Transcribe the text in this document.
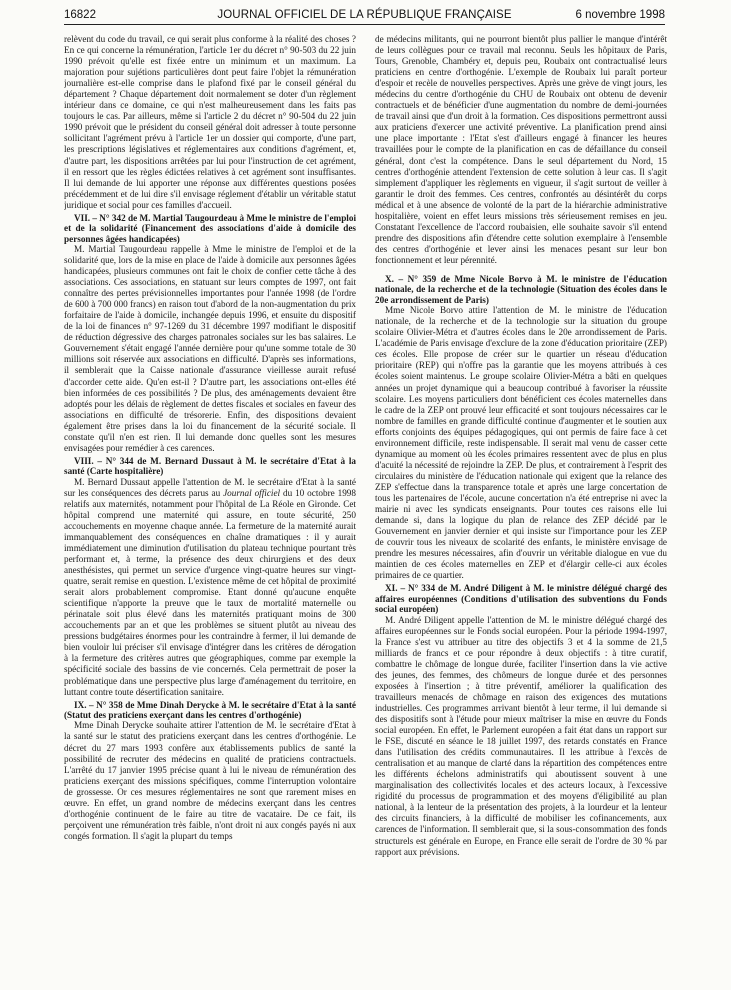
16822	JOURNAL OFFICIEL DE LA RÉPUBLIQUE FRANÇAISE	6 novembre 1998

relèvent du code du travail, ce qui serait plus conforme à la réalité des choses ? En ce qui concerne la rémunération, l'article 1er du décret n° 90-503 du 22 juin 1990 prévoit qu'elle est fixée entre un minimum et un maximum. La majoration pour sujétions particulières dont peut faire l'objet la rémunération journalière est-elle comprise dans le plafond fixé par le conseil général du département ? Chaque département doit normalement se doter d'un règlement intérieur dans ce domaine, ce qui n'est malheureusement dans les faits pas toujours le cas. Par ailleurs, même si l'article 2 du décret n° 90-504 du 22 juin 1990 prévoit que le président du conseil général doit adresser à toute personne sollicitant l'agrément prévu à l'article 1er un dossier qui comporte, d'une part, les prescriptions législatives et réglementaires aux conditions d'agrément, et, d'autre part, les dispositions arrêtées par lui pour l'instruction de cet agrément, il en ressort que les règles édictées relatives à cet agrément sont insuffisantes. Il lui demande de lui apporter une réponse aux différentes questions posées précédemment et de lui dire s'il envisage réglement d'établir un véritable statut juridique et social pour ces familles d'accueil.

VII. – N° 342 de M. Martial Taugourdeau à Mme le ministre de l'emploi et de la solidarité (Financement des associations d'aide à domicile des personnes âgées handicapées)

M. Martial Taugourdeau rappelle à Mme le ministre de l'emploi et de la solidarité que, lors de la mise en place de l'aide à domicile aux personnes âgées handicapées, plusieurs communes ont fait le choix de confier cette tâche à des associations. Ces associations, en statuant sur leurs comptes de 1997, ont fait connaître des pertes prévisionnelles importantes pour l'année 1998 (de l'ordre de 600 à 700 000 francs) en raison tout d'abord de la non-augmentation du prix forfaitaire de l'aide à domicile, inchangée depuis 1996, et ensuite du dispositif de la loi de finances n° 97-1269 du 31 décembre 1997 modifiant le dispositif de réduction dégressive des charges patronales sociales sur les bas salaires. Le Gouvernement s'était engagé l'année dernière pour qu'une somme totale de 30 millions soit réservée aux associations en difficulté. D'après ses informations, il semblerait que la Caisse nationale d'assurance vieillesse aurait refusé d'accorder cette aide. Qu'en est-il ? D'autre part, les associations ont-elles été bien informées de ces possibilités ? De plus, des aménagements devaient être adoptés pour les délais de règlement de dettes fiscales et sociales en faveur des associations en difficulté de trésorerie. Enfin, des dispositions devaient également être prises dans la loi du financement de la sécurité sociale. Il constate qu'il n'en est rien. Il lui demande donc quelles sont les mesures envisagées pour remédier à ces carences.

VIII. – N° 344 de M. Bernard Dussaut à M. le secrétaire d'Etat à la santé (Carte hospitalière)

M. Bernard Dussaut appelle l'attention de M. le secrétaire d'Etat à la santé sur les conséquences des décrets parus au Journal officiel du 10 octobre 1998 relatifs aux maternités, notamment pour l'hôpital de La Réole en Gironde. Cet hôpital comprend une maternité qui assure, en toute sécurité, 250 accouchements en moyenne chaque année. La fermeture de la maternité aurait immanquablement des conséquences en chaîne dramatiques : il y aurait immédiatement une diminution d'utilisation du plateau technique pourtant très performant et, à terme, la présence des deux chirurgiens et des deux anesthésistes, qui permet un service d'urgence vingt-quatre heures sur vingt-quatre, serait remise en question. L'existence même de cet hôpital de proximité serait alors probablement compromise. Etant donné qu'aucune enquête scientifique n'apporte la preuve que le taux de mortalité maternelle ou périnatale soit plus élevé dans les maternités pratiquant moins de 300 accouchements par an et que les problèmes se situent plutôt au niveau des pressions budgétaires énormes pour les contraindre à fermer, il lui demande de bien vouloir lui préciser s'il envisage d'intégrer dans les critères de dérogation à la fermeture des critères autres que géographiques, comme par exemple la spécificité sociale des bassins de vie concernés. Cela permettrait de poser la problématique dans une perspective plus large d'aménagement du territoire, en luttant contre toute désertification sanitaire.

IX. – N° 358 de Mme Dinah Derycke à M. le secrétaire d'Etat à la santé (Statut des praticiens exerçant dans les centres d'orthogénie)

Mme Dinah Derycke souhaite attirer l'attention de M. le secrétaire d'Etat à la santé sur le statut des praticiens exerçant dans les centres d'orthogénie. Le décret du 27 mars 1993 confère aux établissements publics de santé la possibilité de recruter des médecins en qualité de praticiens contractuels. L'arrêté du 17 janvier 1995 précise quant à lui le niveau de rémunération des praticiens exerçant des missions spécifiques, comme l'interruption volontaire de grossesse. Or ces mesures réglementaires ne sont que rarement mises en œuvre. En effet, un grand nombre de médecins exerçant dans les centres d'orthogénie continuent de le faire au titre de vacataire. De ce fait, ils perçoivent une rémunération très faible, n'ont droit ni aux congés payés ni aux congés formation. Il s'agit la plupart du temps

de médecins militants, qui ne pourront bientôt plus pallier le manque d'intérêt de leurs collègues pour ce travail mal reconnu. Seuls les hôpitaux de Paris, Tours, Grenoble, Chambéry et, depuis peu, Roubaix ont contractualisé leurs praticiens en centre d'orthogénie. L'exemple de Roubaix lui paraît porteur d'espoir et recèle de nouvelles perspectives. Après une grève de vingt jours, les médecins du centre d'orthogénie du CHU de Roubaix ont obtenu de devenir contractuels et de bénéficier d'une augmentation du nombre de demi-journées de travail ainsi que d'un droit à la formation. Ces dispositions permettront aussi aux praticiens d'exercer une activité préventive. La planification prend ainsi une place importante : l'Etat s'est d'ailleurs engagé à financer les heures travaillées pour le compte de la planification en cas de défaillance du conseil général, dont c'est la compétence. Dans le seul département du Nord, 15 centres d'orthogénie attendent l'extension de cette solution à leur cas. Il s'agit simplement d'appliquer les règlements en vigueur, il s'agit surtout de veiller à garantir le droit des femmes. Ces centres, confrontés au désintérêt du corps médical et à une absence de volonté de la part de la hiérarchie administrative hospitalière, voient en effet leurs missions très sérieusement remises en jeu. Constatant l'excellence de l'accord roubaisien, elle souhaite savoir s'il entend prendre des dispositions afin d'étendre cette solution exemplaire à l'ensemble des centres d'orthogénie et lever ainsi les menaces pesant sur leur bon fonctionnement et leur pérennité.

X. – N° 359 de Mme Nicole Borvo à M. le ministre de l'éducation nationale, de la recherche et de la technologie (Situation des écoles dans le 20e arrondissement de Paris)

Mme Nicole Borvo attire l'attention de M. le ministre de l'éducation nationale, de la recherche et de la technologie sur la situation du groupe scolaire Olivier-Métra et d'autres écoles dans le 20e arrondissement de Paris. L'académie de Paris envisage d'exclure de la zone d'éducation prioritaire (ZEP) ces écoles. Elle propose de créer sur le quartier un réseau d'éducation prioritaire (REP) qui n'offre pas la garantie que les moyens attribués à ces écoles soient maintenus. Le groupe scolaire Olivier-Métra a bâti en quelques années un projet dynamique qui a beaucoup contribué à favoriser la réussite scolaire. Les moyens particuliers dont bénéficient ces écoles maternelles dans le cadre de la ZEP ont prouvé leur efficacité et sont toujours nécessaires car le nombre de familles en grande difficulté continue d'augmenter et le soutien aux efforts conjoints des équipes pédagogiques, qui ont permis de faire face à cet environnement difficile, reste indispensable. Il serait mal venu de casser cette dynamique au moment où les écoles primaires ressentent avec de plus en plus d'acuité la nécessité de rejoindre la ZEP. De plus, et contrairement à l'esprit des circulaires du ministère de l'éducation nationale qui exigent que la relance des ZEP s'effectue dans la transparence totale et après une large concertation de tous les partenaires de l'école, aucune concertation n'a été entreprise ni avec la mairie ni avec les syndicats enseignants. Pour toutes ces raisons elle lui demande si, dans la logique du plan de relance des ZEP décidé par le Gouvernement en janvier dernier et qui insiste sur l'importance pour les ZEP de couvrir tous les niveaux de scolarité des enfants, le ministère envisage de prendre les mesures nécessaires, afin d'ouvrir un véritable dialogue en vue du maintien de ces écoles maternelles en ZEP et d'élargir celle-ci aux écoles primaires de ce quartier.

XI. – N° 334 de M. André Diligent à M. le ministre délégué chargé des affaires européennes (Conditions d'utilisation des subventions du Fonds social européen)

M. André Diligent appelle l'attention de M. le ministre délégué chargé des affaires européennes sur le Fonds social européen. Pour la période 1994-1997, la France s'est vu attribuer au titre des objectifs 3 et 4 la somme de 21,5 milliards de francs et ce pour répondre à deux objectifs : à titre curatif, combattre le chômage de longue durée, faciliter l'insertion dans la vie active des jeunes, des femmes, des chômeurs de longue durée et des personnes exposées à l'insertion ; à titre préventif, améliorer la qualification des travailleurs menacés de chômage en raison des exigences des mutations industrielles. Ces programmes arrivant bientôt à leur terme, il lui demande si des dispositifs sont à l'étude pour mieux maîtriser la mise en œuvre du Fonds social européen. En effet, le Parlement européen a fait état dans un rapport sur le FSE, discuté en séance le 18 juillet 1997, des retards constatés en France dans l'utilisation des crédits communautaires. Il les attribue à l'excès de centralisation et au manque de clarté dans la répartition des compétences entre les différents échelons administratifs qui aboutissent souvent à une marginalisation des collectivités locales et des acteurs locaux, à l'excessive rigidité du processus de programmation et des moyens d'éligibilité au plan national, à la lenteur de la présentation des projets, à la lourdeur et la lenteur des circuits financiers, à la difficulté de mobiliser les cofinancements, aux carences de l'information. Il semblerait que, si la sous-consommation des fonds structurels est générale en Europe, en France elle serait de l'ordre de 30 % par rapport aux prévisions.
